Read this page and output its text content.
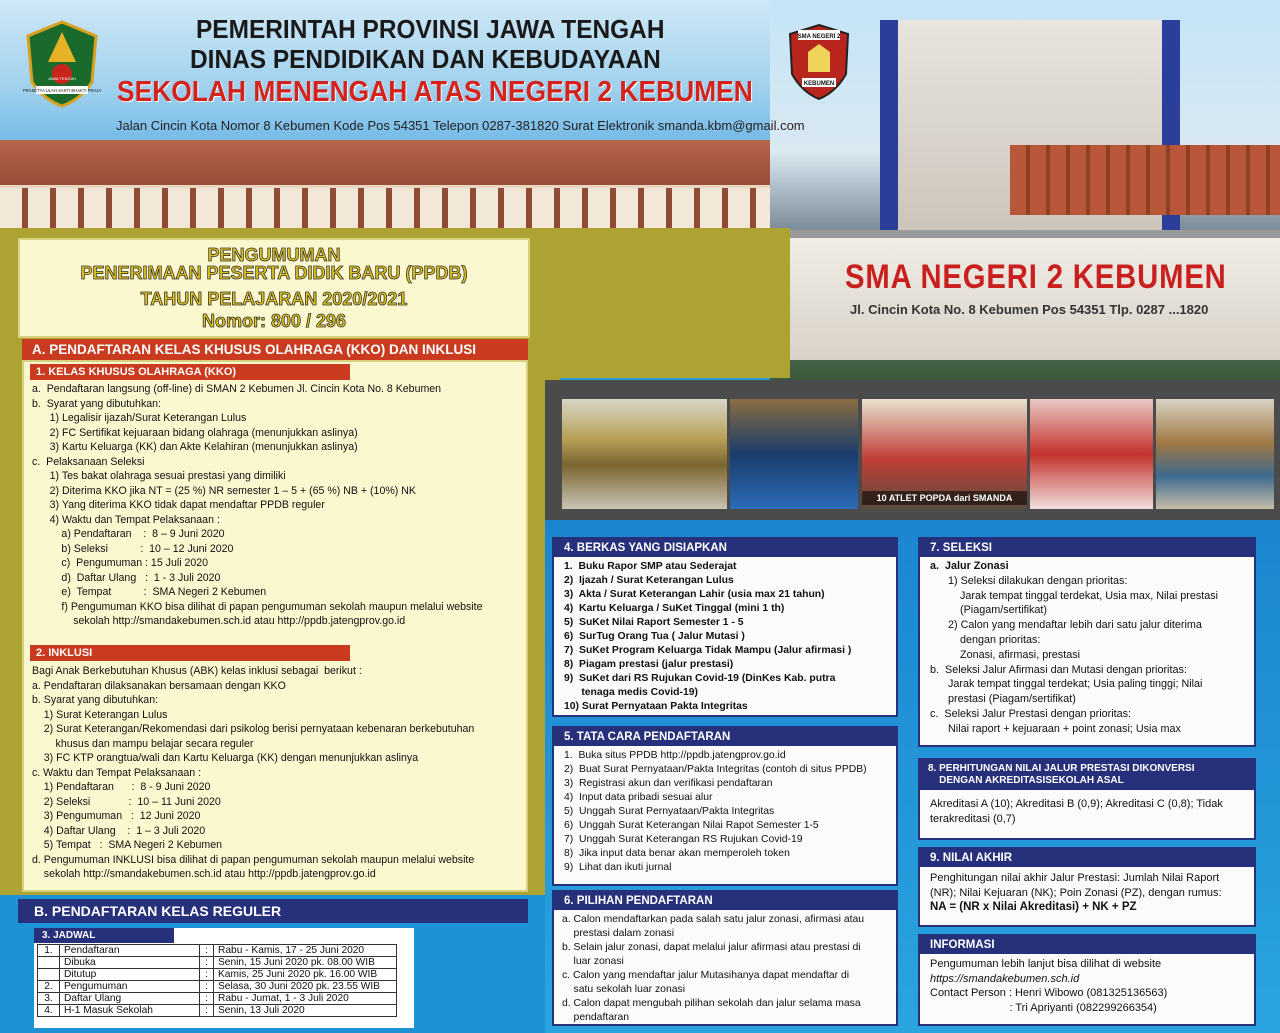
SMA NEGERI 2 KEBUMEN
Jl. Cincin Kota No. 8 Kebumen Pos 54351 Tlp. 0287 ...1820
PRASETYA ULAH SAKTI BHAKTI PRAJA
JAWA TENGAH
SMA NEGERI 2
KEBUMEN
PEMERINTAH PROVINSI JAWA TENGAH
DINAS PENDIDIKAN DAN KEBUDAYAAN
SEKOLAH MENENGAH ATAS NEGERI 2 KEBUMEN
Jalan Cincin Kota Nomor 8 Kebumen Kode Pos 54351 Telepon 0287-381820 Surat Elektronik smanda.kbm@gmail.com
PENGUMUMAN
PENERIMAAN PESERTA DIDIK BARU (PPDB)
TAHUN PELAJARAN 2020/2021
Nomor: 800 / 296
A. PENDAFTARAN KELAS KHUSUS OLAHRAGA (KKO) DAN INKLUSI
1. KELAS KHUSUS OLAHRAGA (KKO)
a.  Pendaftaran langsung (off-line) di SMAN 2 Kebumen Jl. Cincin Kota No. 8 Kebumen
b.  Syarat yang dibutuhkan:
1) Legalisir ijazah/Surat Keterangan Lulus
2) FC Sertifikat kejuaraan bidang olahraga (menunjukkan aslinya)
3) Kartu Keluarga (KK) dan Akte Kelahiran (menunjukkan aslinya)
c.  Pelaksanaan Seleksi
1) Tes bakat olahraga sesuai prestasi yang dimiliki
2) Diterima KKO jika NT = (25 %) NR semester 1 – 5 + (65 %) NB + (10%) NK
3) Yang diterima KKO tidak dapat mendaftar PPDB reguler
4) Waktu dan Tempat Pelaksanaan :
a) Pendaftaran    :  8 – 9 Juni 2020
b) Seleksi           :  10 – 12 Juni 2020
c)  Pengumuman : 15 Juli 2020
d)  Daftar Ulang   :  1 - 3 Juli 2020
e)  Tempat           :  SMA Negeri 2 Kebumen
f) Pengumuman KKO bisa dilihat di papan pengumuman sekolah maupun melalui website
sekolah http://smandakebumen.sch.id atau http://ppdb.jatengprov.go.id
2. INKLUSI
Bagi Anak Berkebutuhan Khusus (ABK) kelas inklusi sebagai  berikut :
a. Pendaftaran dilaksanakan bersamaan dengan KKO
b. Syarat yang dibutuhkan:
1) Surat Keterangan Lulus
2) Surat Keterangan/Rekomendasi dari psikolog berisi pernyataan kebenaran berkebutuhan
khusus dan mampu belajar secara reguler
3) FC KTP orangtua/wali dan Kartu Keluarga (KK) dengan menunjukkan aslinya
c. Waktu dan Tempat Pelaksanaan :
1) Pendaftaran      :  8 - 9 Juni 2020
2) Seleksi             :  10 – 11 Juni 2020
3) Pengumuman   :  12 Juni 2020
4) Daftar Ulang    :  1 – 3 Juli 2020
5) Tempat   :  SMA Negeri 2 Kebumen
d. Pengumuman INKLUSI bisa dilihat di papan pengumuman sekolah maupun melalui website
sekolah http://smandakebumen.sch.id atau http://ppdb.jatengprov.go.id
B. PENDAFTARAN KELAS REGULER
3. JADWAL
1.	Pendaftaran	:	Rabu - Kamis, 17 - 25 Juni 2020
	Dibuka	:	Senin, 15 Juni 2020 pk. 08.00 WIB
	Ditutup	:	Kamis, 25 Juni 2020 pk. 16.00 WIB
2.	Pengumuman	:	Selasa, 30 Juni 2020 pk. 23.55 WIB
3.	Daftar Ulang	:	Rabu - Jumat, 1 - 3 Juli 2020
4.	H-1 Masuk Sekolah	:	Senin, 13 Juli 2020
10 ATLET POPDA dari SMANDA
4. BERKAS YANG DISIAPKAN
1.  Buku Rapor SMP atau Sederajat
2)  Ijazah / Surat Keterangan Lulus
3)  Akta / Surat Keterangan Lahir (usia max 21 tahun)
4)  Kartu Keluarga / SuKet Tinggal (mini 1 th)
5)  SuKet Nilai Raport Semester 1 - 5
6)  SurTug Orang Tua ( Jalur Mutasi )
7)  SuKet Program Keluarga Tidak Mampu (Jalur afirmasi )
8)  Piagam prestasi (jalur prestasi)
9)  SuKet dari RS Rujukan Covid-19 (DinKes Kab. putra
tenaga medis Covid-19)
10) Surat Pernyataan Pakta Integritas
5. TATA CARA PENDAFTARAN
1.  Buka situs PPDB http://ppdb.jatengprov.go.id
2)  Buat Surat Pernyataan/Pakta Integritas (contoh di situs PPDB)
3)  Registrasi akun dan verifikasi pendaftaran
4)  Input data pribadi sesuai alur
5)  Unggah Surat Pernyataan/Pakta Integritas
6)  Unggah Surat Keterangan Nilai Rapot Semester 1-5
7)  Unggah Surat Keterangan RS Rujukan Covid-19
8)  Jika input data benar akan memperoleh token
9)  Lihat dan ikuti jurnal
6. PILIHAN PENDAFTARAN
a. Calon mendaftarkan pada salah satu jalur zonasi, afirmasi atau
prestasi dalam zonasi
b. Selain jalur zonasi, dapat melalui jalur afirmasi atau prestasi di
luar zonasi
c. Calon yang mendaftar jalur Mutasihanya dapat mendaftar di
satu sekolah luar zonasi
d. Calon dapat mengubah pilihan sekolah dan jalur selama masa
pendaftaran
7. SELEKSI
a.  Jalur Zonasi
1) Seleksi dilakukan dengan prioritas:
Jarak tempat tinggal terdekat, Usia max, Nilai prestasi
(Piagam/sertifikat)
2) Calon yang mendaftar lebih dari satu jalur diterima
dengan prioritas:
Zonasi, afirmasi, prestasi
b.  Seleksi Jalur Afirmasi dan Mutasi dengan prioritas:
Jarak tempat tinggal terdekat; Usia paling tinggi; Nilai
prestasi (Piagam/sertifikat)
c.  Seleksi Jalur Prestasi dengan prioritas:
Nilai raport + kejuaraan + point zonasi; Usia max
8. PERHITUNGAN NILAI JALUR PRESTASI DIKONVERSI
DENGAN AKREDITASISEKOLAH ASAL
Akreditasi A (10); Akreditasi B (0,9); Akreditasi C (0,8); Tidak
terakreditasi (0,7)
9. NILAI AKHIR
Penghitungan nilai akhir Jalur Prestasi: Jumlah Nilai Raport
(NR); Nilai Kejuaran (NK); Poin Zonasi (PZ), dengan rumus:
NA = (NR x Nilai Akreditasi) + NK + PZ
INFORMASI
Pengumuman lebih lanjut bisa dilihat di website
https://smandakebumen.sch.id
Contact Person : Henri Wibowo (081325136563)
: Tri Apriyanti (082299266354)
